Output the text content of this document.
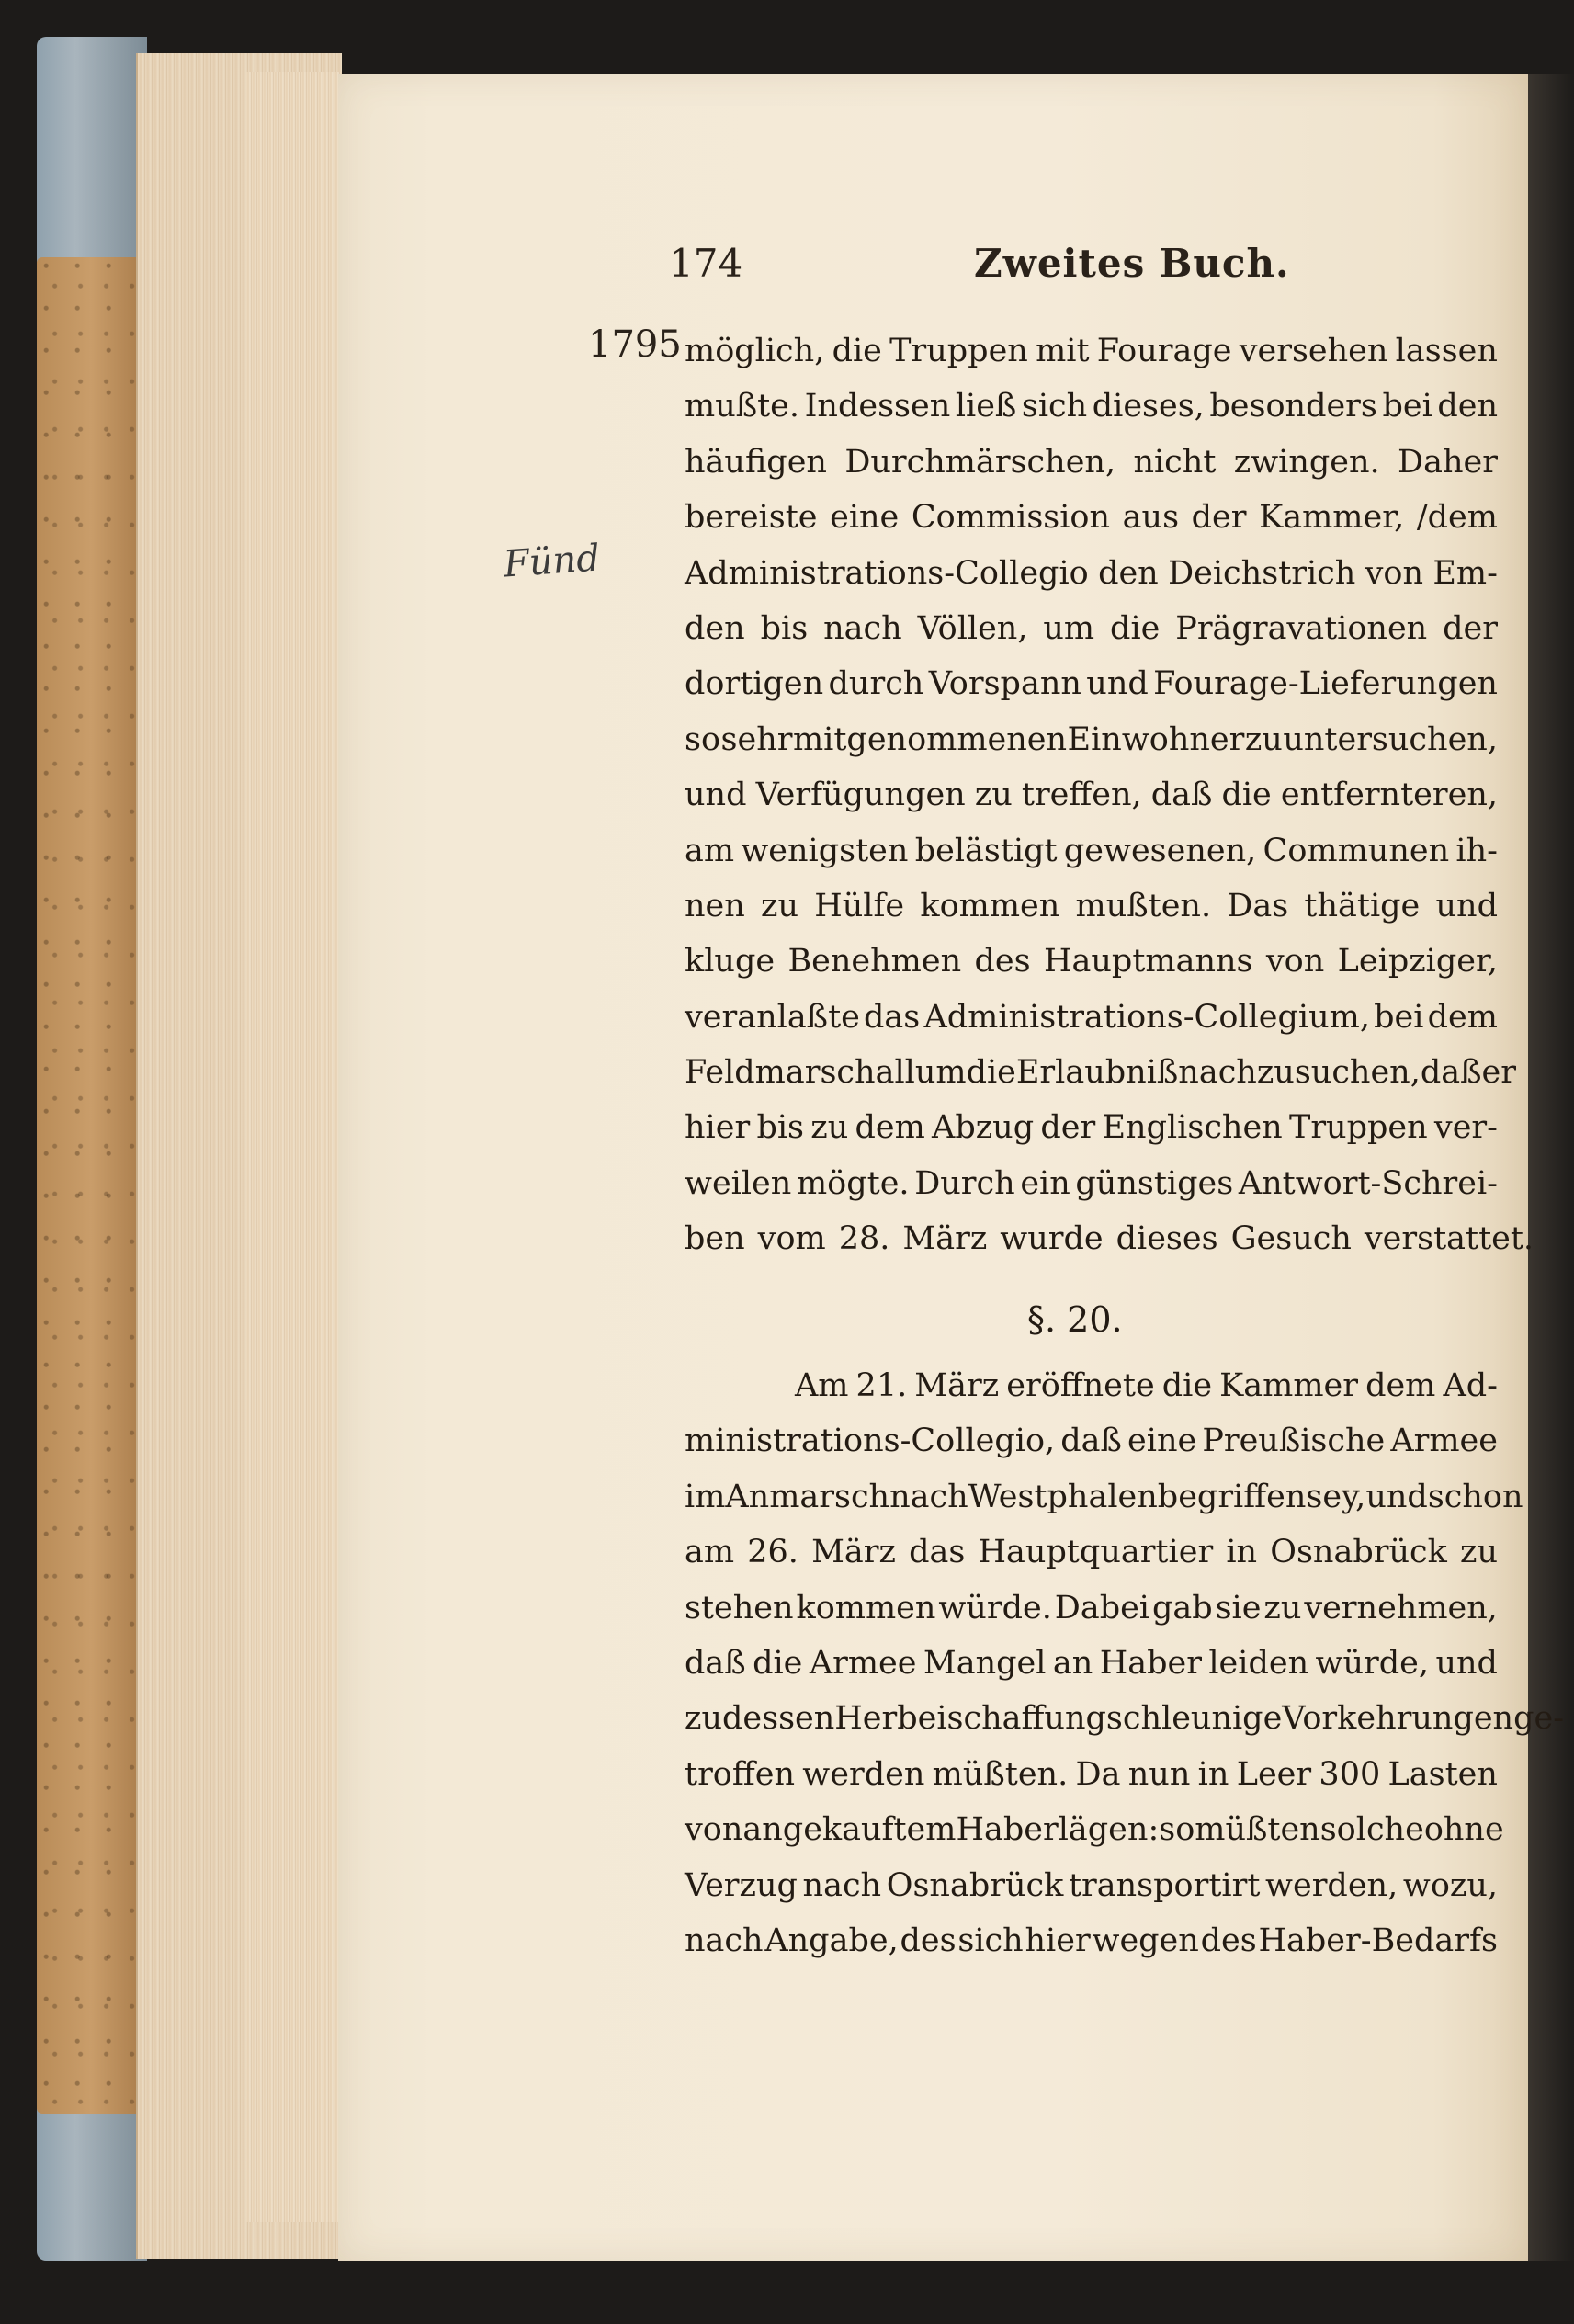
174	Zweites Buch.
1795
Fünd
möglich, die Truppen mit Fourage versehen lassen
mußte. Indessen ließ sich dieses, besonders bei den
häufigen Durchmärschen, nicht zwingen. Daher
bereiste eine Commission aus der Kammer, /dem
Administrations-Collegio den Deichstrich von Em-
den bis nach Völlen, um die Prägravationen der
dortigen durch Vorspann und Fourage-Lieferungen
so sehr mitgenommenen Einwohner zu untersuchen,
und Verfügungen zu treffen, daß die entfernteren,
am wenigsten belästigt gewesenen, Communen ih-
nen zu Hülfe kommen mußten. Das thätige und
kluge Benehmen des Hauptmanns von Leipziger,
veranlaßte das Administrations-Collegium, bei dem
Feldmarschall um die Erlaubniß nachzusuchen, daß er
hier bis zu dem Abzug der Englischen Truppen ver-
weilen mögte. Durch ein günstiges Antwort-Schrei-
ben vom 28. März wurde dieses Gesuch verstattet.
§. 20.
Am 21. März eröffnete die Kammer dem Ad-
ministrations-Collegio, daß eine Preußische Armee
im Anmarsch nach Westphalen begriffen sey, und schon
am 26. März das Hauptquartier in Osnabrück zu
stehen kommen würde. Dabei gab sie zu vernehmen,
daß die Armee Mangel an Haber leiden würde, und
zu dessen Herbeischaffung schleunige Vorkehrungen ge-
troffen werden müßten. Da nun in Leer 300 Lasten
von angekauftem Haber lägen: so müßten solche ohne
Verzug nach Osnabrück transportirt werden, wozu,
nach Angabe, des sich hier wegen des Haber-Bedarfs
